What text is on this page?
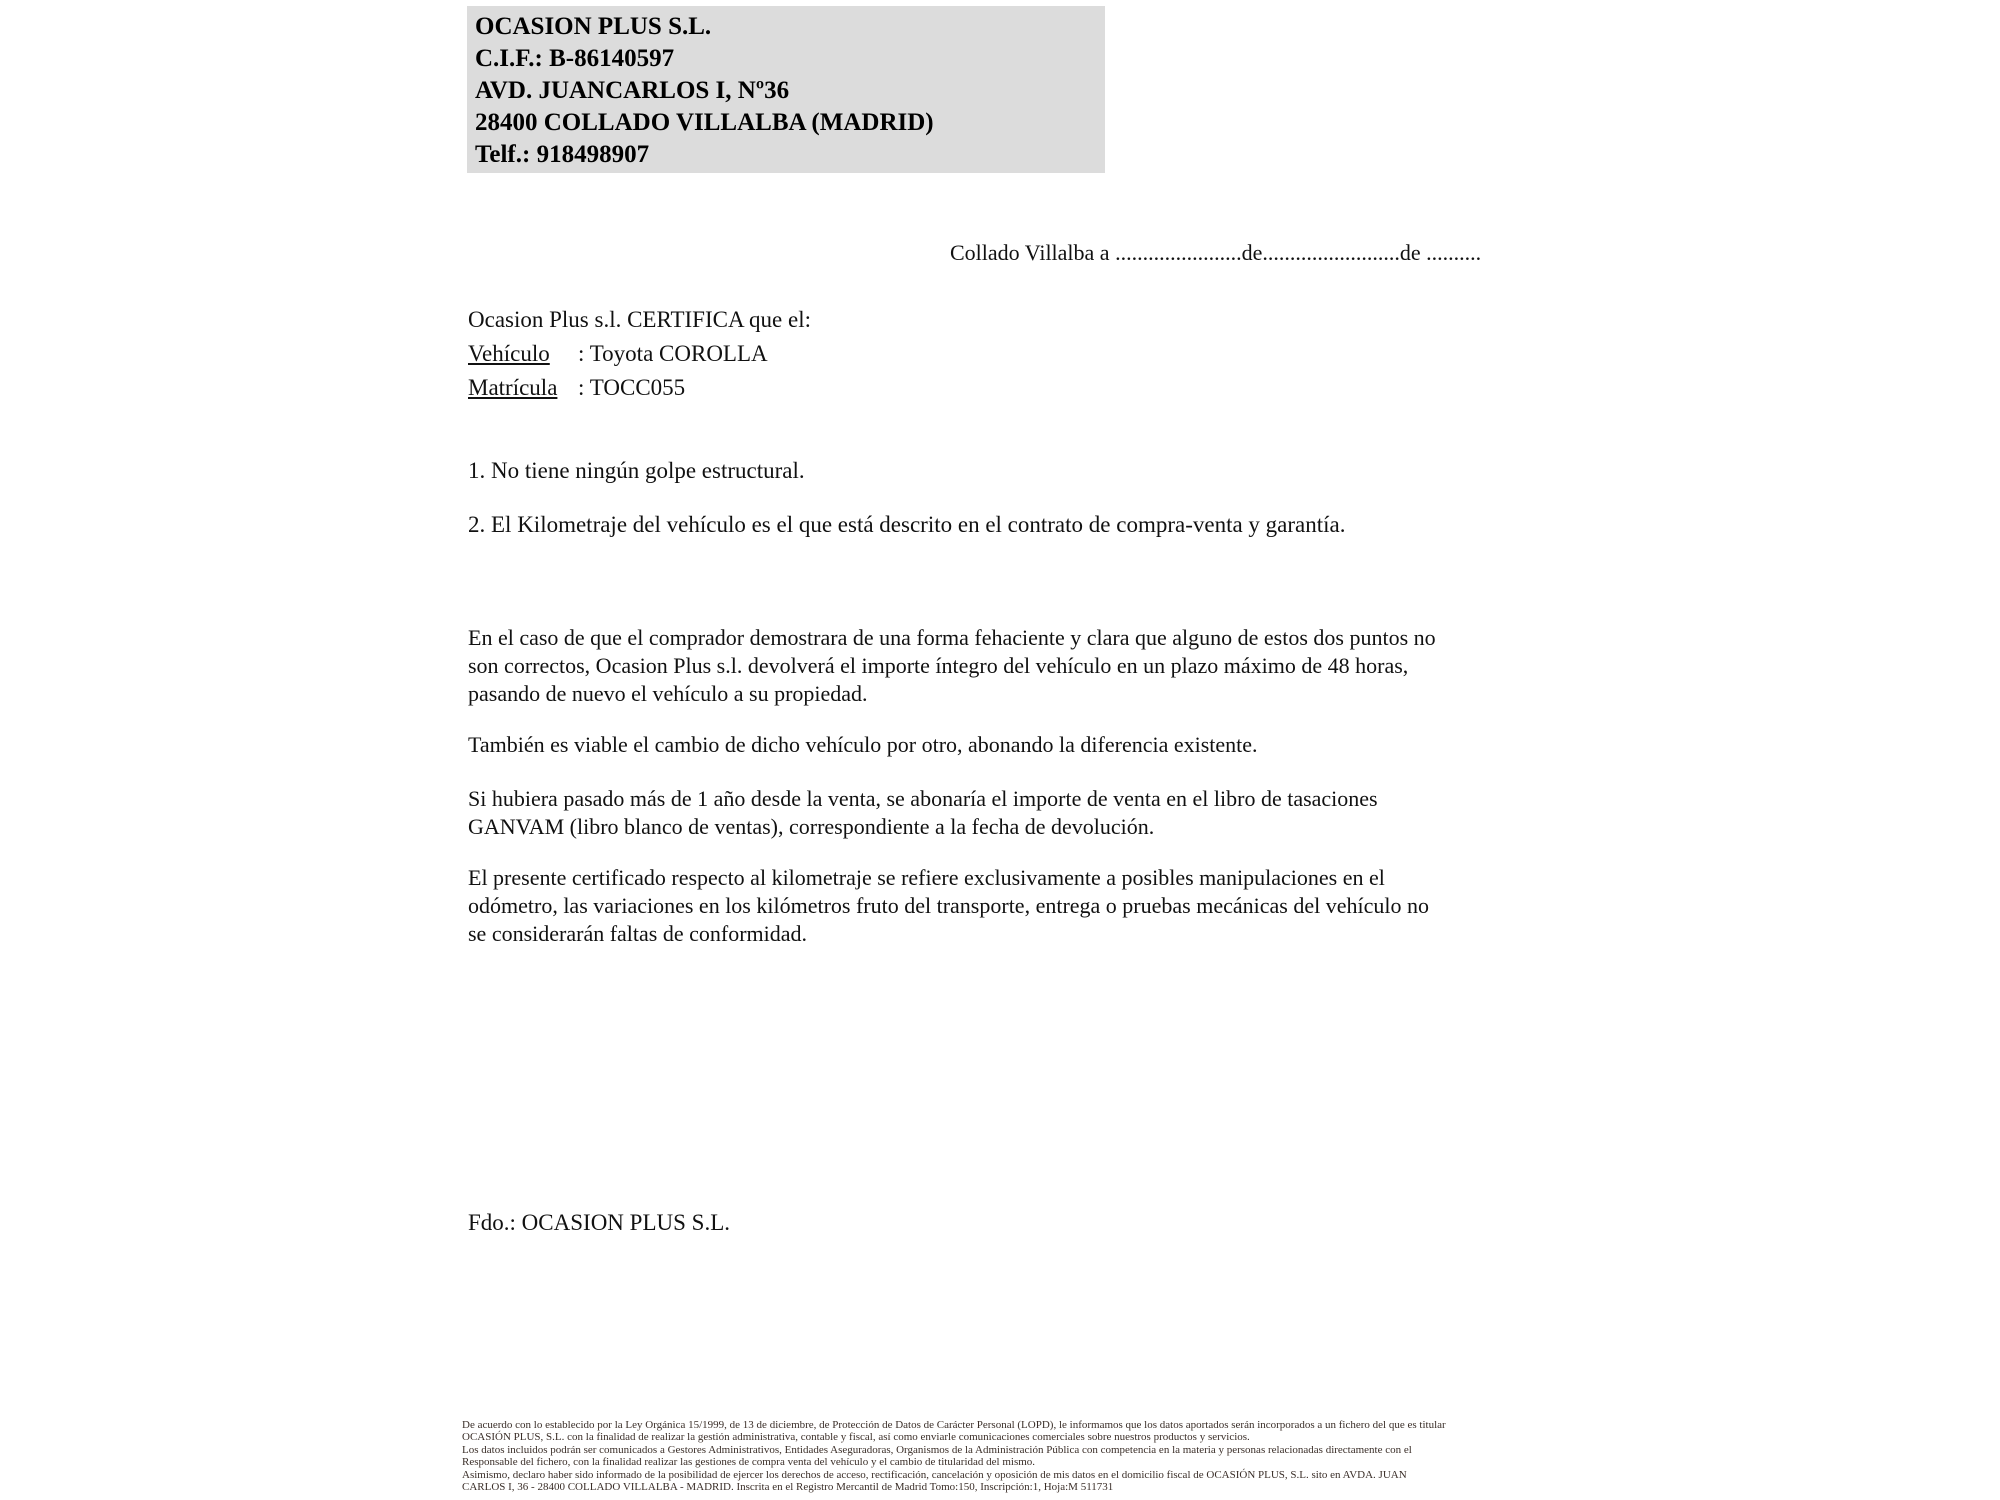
OCASION PLUS S.L.
C.I.F.: B-86140597
AVD. JUANCARLOS I, Nº36
28400 COLLADO VILLALBA (MADRID)
Telf.: 918498907
Collado Villalba a .......................de.........................de ..........
Ocasion Plus s.l. CERTIFICA que el:
Vehículo : Toyota COROLLA
Matrícula : TOCC055
1. No tiene ningún golpe estructural.
2. El Kilometraje del vehículo es el que está descrito en el contrato de compra-venta y garantía.
En el caso de que el comprador demostrara de una forma fehaciente y clara que alguno de estos dos puntos no
son correctos, Ocasion Plus s.l. devolverá el importe íntegro del vehículo en un plazo máximo de 48 horas,
pasando de nuevo el vehículo a su propiedad.
También es viable el cambio de dicho vehículo por otro, abonando la diferencia existente.
Si hubiera pasado más de 1 año desde la venta, se abonaría el importe de venta en el libro de tasaciones
GANVAM (libro blanco de ventas), correspondiente a la fecha de devolución.
El presente certificado respecto al kilometraje se refiere exclusivamente a posibles manipulaciones en el
odómetro, las variaciones en los kilómetros fruto del transporte, entrega o pruebas mecánicas del vehículo no
se considerarán faltas de conformidad.
Fdo.: OCASION PLUS S.L.
De acuerdo con lo establecido por la Ley Orgánica 15/1999, de 13 de diciembre, de Protección de Datos de Carácter Personal (LOPD), le informamos que los datos aportados serán incorporados a un fichero del que es titular
OCASIÓN PLUS, S.L. con la finalidad de realizar la gestión administrativa, contable y fiscal, así como enviarle comunicaciones comerciales sobre nuestros productos y servicios.
Los datos incluidos podrán ser comunicados a Gestores Administrativos, Entidades Aseguradoras, Organismos de la Administración Pública con competencia en la materia y personas relacionadas directamente con el
Responsable del fichero, con la finalidad realizar las gestiones de compra venta del vehículo y el cambio de titularidad del mismo.
Asimismo, declaro haber sido informado de la posibilidad de ejercer los derechos de acceso, rectificación, cancelación y oposición de mis datos en el domicilio fiscal de OCASIÓN PLUS, S.L. sito en AVDA. JUAN
CARLOS I, 36 - 28400 COLLADO VILLALBA - MADRID. Inscrita en el Registro Mercantil de Madrid Tomo:150, Inscripción:1, Hoja:M 511731
